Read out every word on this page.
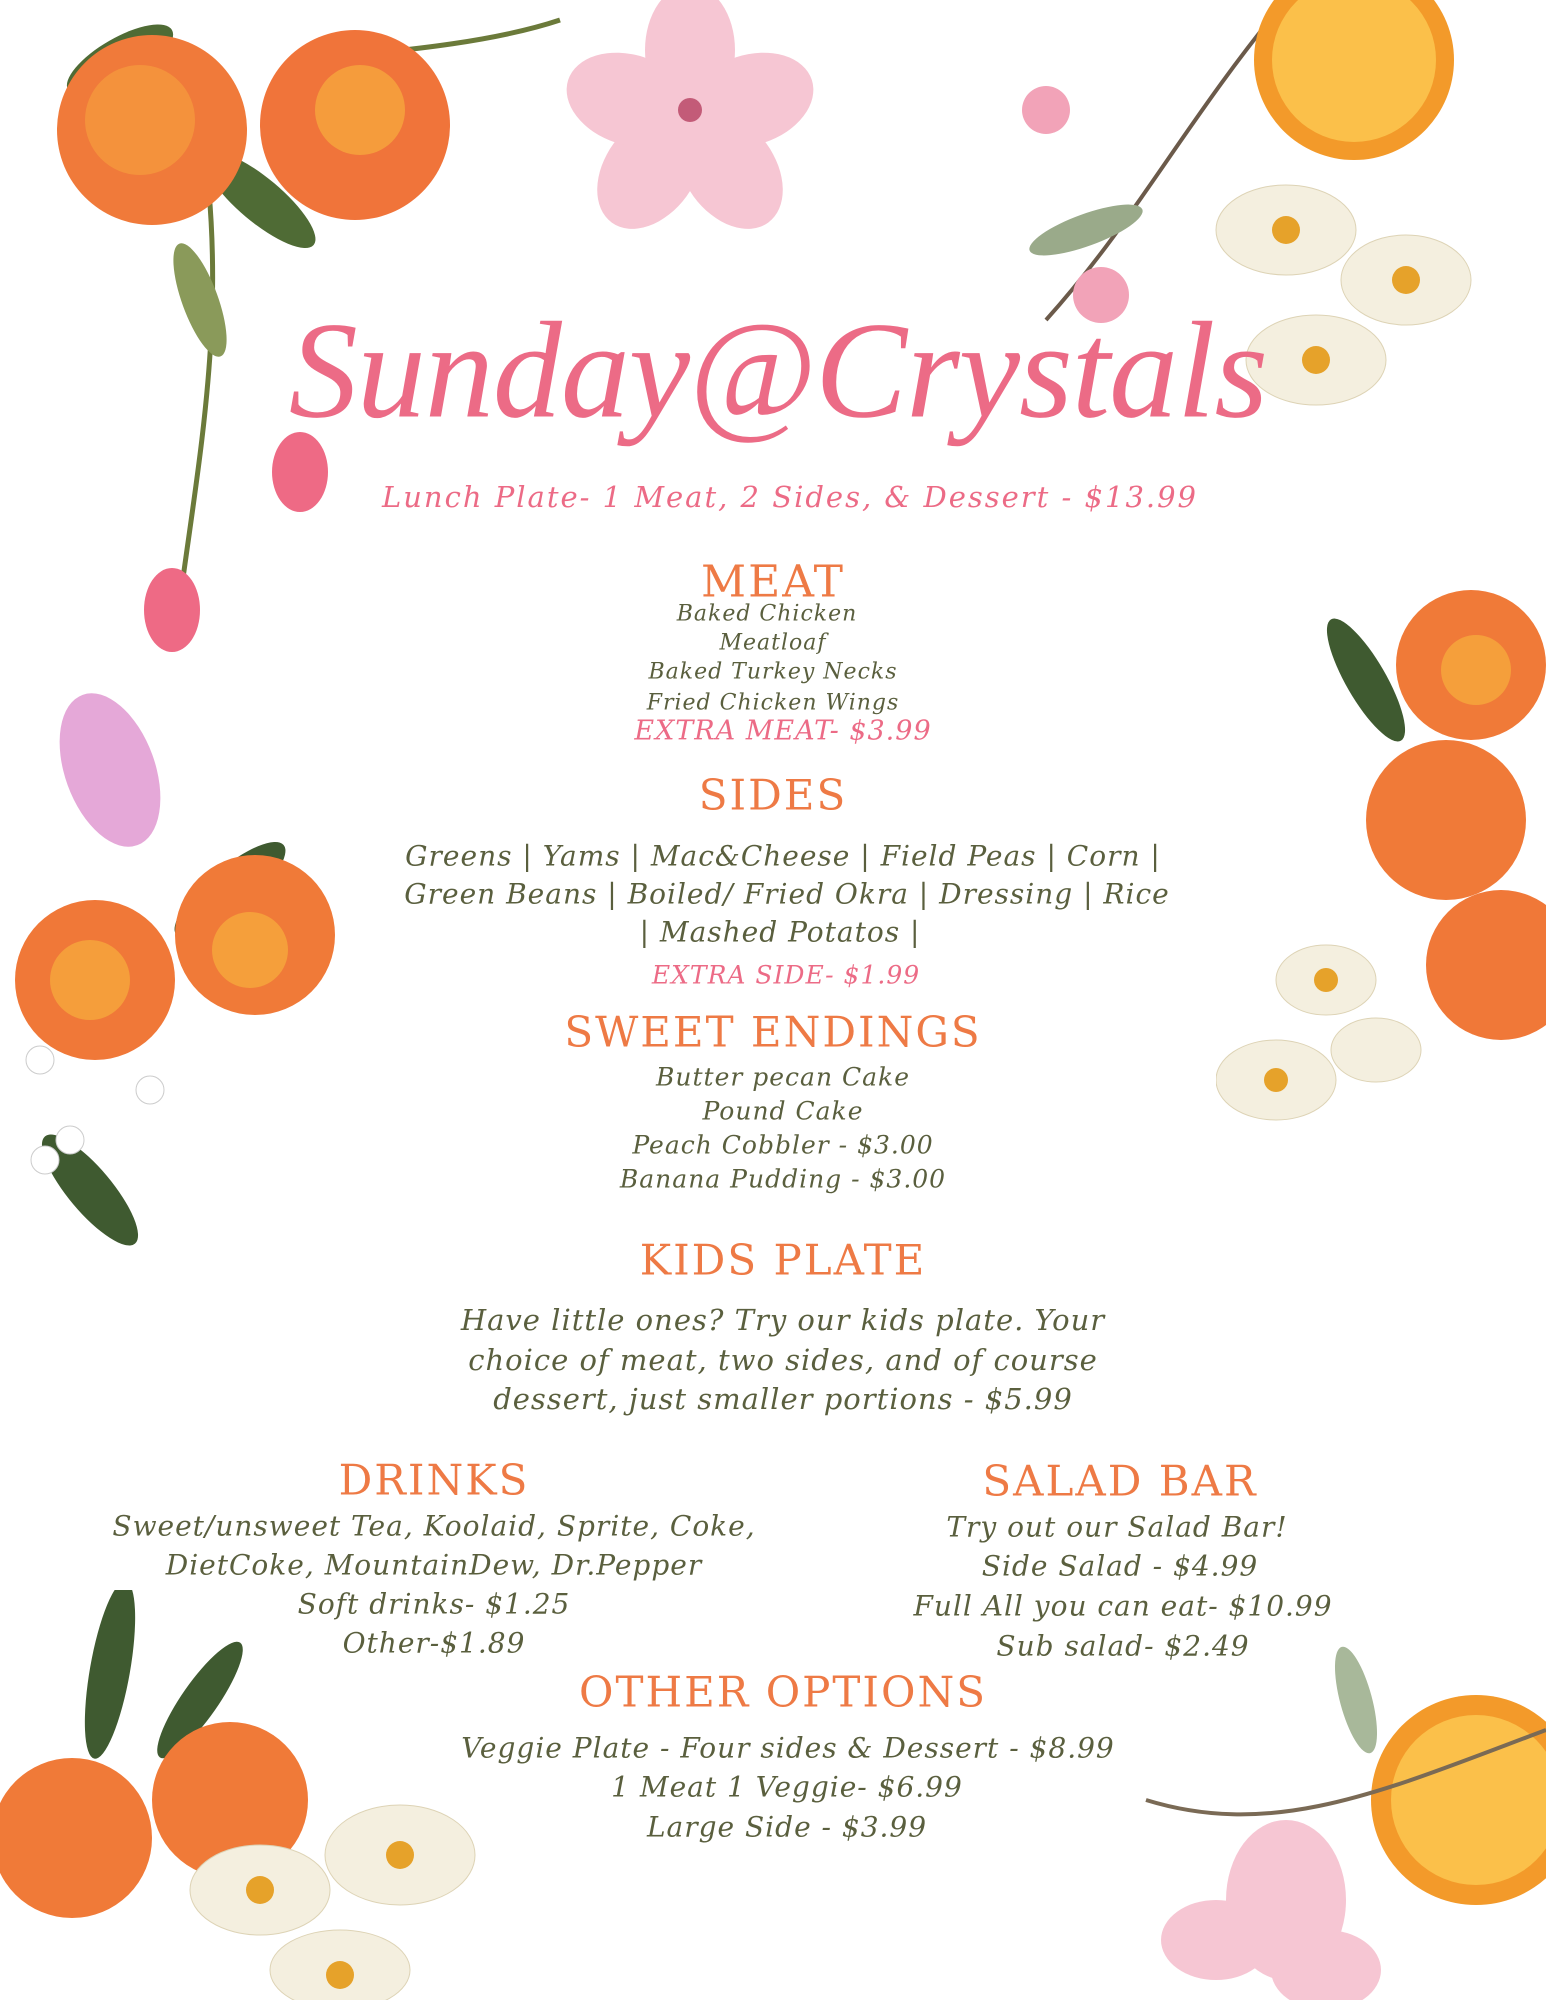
Sunday@Crystals
Lunch Plate- 1 Meat, 2 Sides, & Dessert - $13.99
MEAT
Baked Chicken
Meatloaf
Baked Turkey Necks
Fried Chicken Wings
EXTRA MEAT- $3.99
SIDES
Greens | Yams | Mac&Cheese | Field Peas | Corn |
Green Beans | Boiled/ Fried Okra | Dressing | Rice
| Mashed Potatos |
EXTRA SIDE- $1.99
SWEET ENDINGS
Butter pecan Cake
Pound Cake
Peach Cobbler - $3.00
Banana Pudding - $3.00
KIDS PLATE
Have little ones? Try our kids plate. Your
choice of meat, two sides, and of course
dessert, just smaller portions - $5.99
DRINKS
Sweet/unsweet Tea, Koolaid, Sprite, Coke,
DietCoke, MountainDew, Dr.Pepper
Soft drinks- $1.25
Other-$1.89
SALAD BAR
Try out our Salad Bar!
Side Salad - $4.99
Full All you can eat- $10.99
Sub salad- $2.49
OTHER OPTIONS
Veggie Plate - Four sides & Dessert - $8.99
1 Meat 1 Veggie- $6.99
Large Side - $3.99
